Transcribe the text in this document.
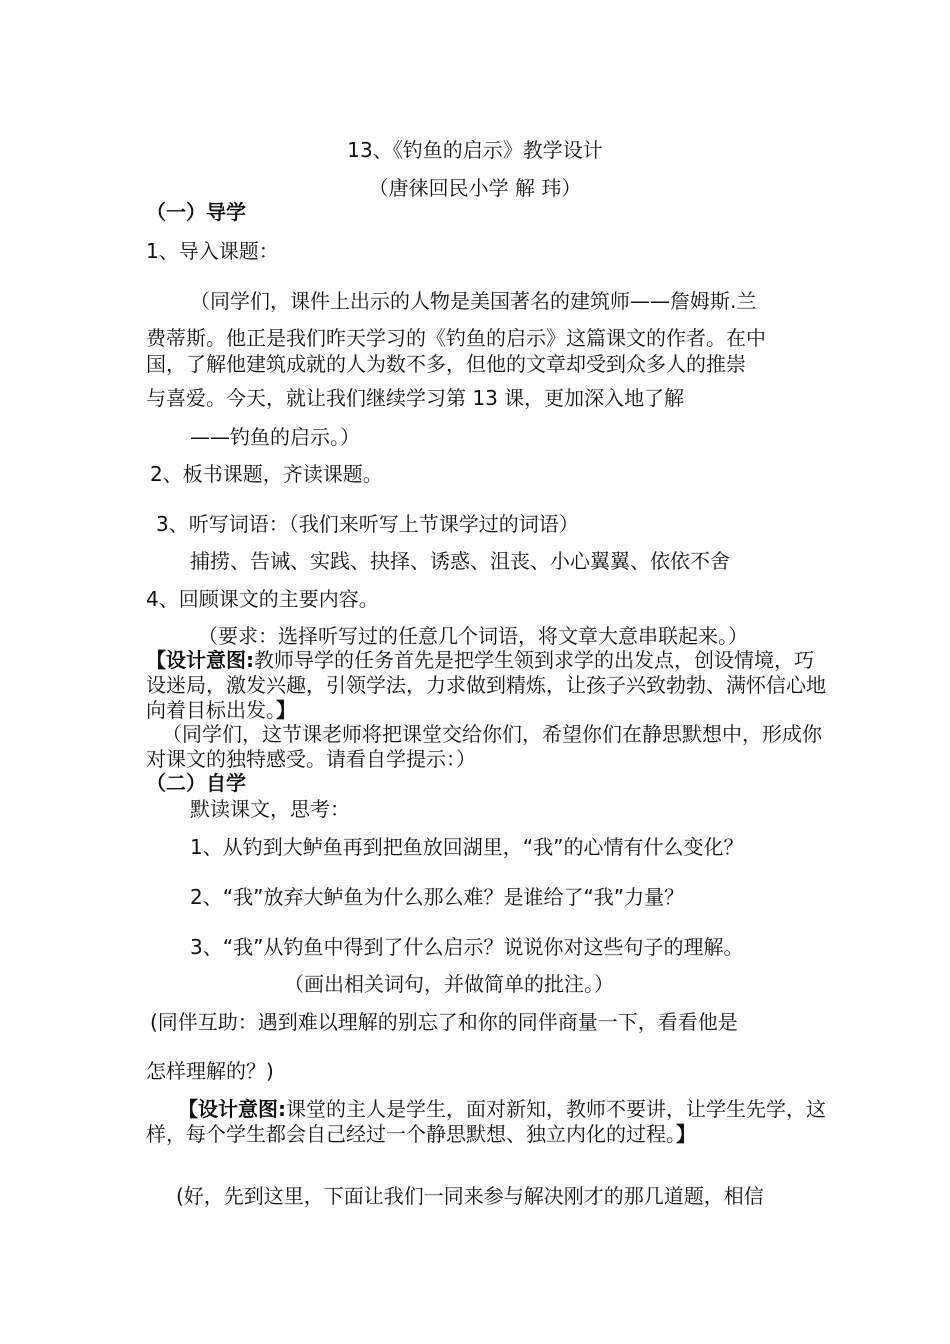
13、《钓鱼的启示》教学设计
（唐徕回民小学 解 玮）
（一）导学
1、导入课题：
（同学们，课件上出示的人物是美国著名的建筑师——詹姆斯.兰
费蒂斯。他正是我们昨天学习的《钓鱼的启示》这篇课文的作者。在中
国，了解他建筑成就的人为数不多，但他的文章却受到众多人的推崇
与喜爱。今天，就让我们继续学习第 13 课，更加深入地了解
——钓鱼的启示。）
2、板书课题，齐读课题。
3、听写词语：（我们来听写上节课学过的词语）
捕捞、告诫、实践、抉择、诱惑、沮丧、小心翼翼、依依不舍
4、回顾课文的主要内容。
（要求：选择听写过的任意几个词语，将文章大意串联起来。）
【设计意图:教师导学的任务首先是把学生领到求学的出发点，创设情境，巧设迷局，激发兴趣，引领学法，力求做到精炼，让孩子兴致勃勃、满怀信心地向着目标出发。】
（同学们，这节课老师将把课堂交给你们，希望你们在静思默想中，形成你对课文的独特感受。请看自学提示：）
（二）自学
默读课文，思考：
1、从钓到大鲈鱼再到把鱼放回湖里，“我”的心情有什么变化？
2、“我”放弃大鲈鱼为什么那么难？是谁给了“我”力量？
3、“我”从钓鱼中得到了什么启示？说说你对这些句子的理解。
（画出相关词句，并做简单的批注。）
(同伴互助：遇到难以理解的别忘了和你的同伴商量一下，看看他是
怎样理解的？)
【设计意图:课堂的主人是学生，面对新知，教师不要讲，让学生先学，这样，每个学生都会自己经过一个静思默想、独立内化的过程。】
(好，先到这里，下面让我们一同来参与解决刚才的那几道题，相信
